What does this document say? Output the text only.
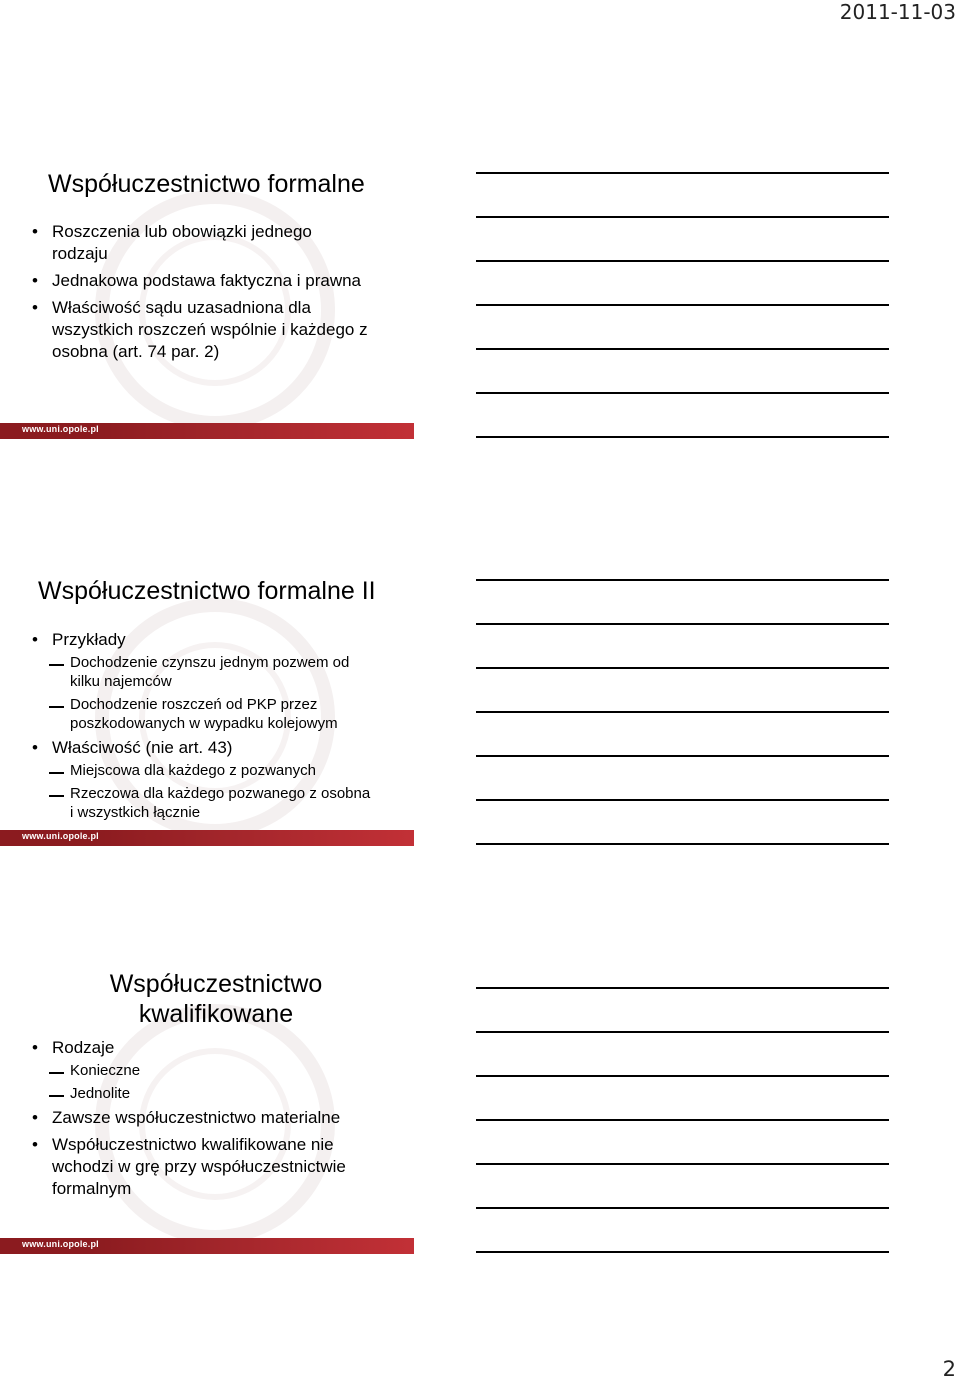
2011-11-03
Współuczestnictwo formalne
• Roszczenia lub obowiązki jednego rodzaju
• Jednakowa podstawa faktyczna i prawna
• Właściwość sądu uzasadniona dla wszystkich roszczeń wspólnie i każdego z osobna (art. 74 par. 2)
www.uni.opole.pl
Współuczestnictwo formalne II
• Przykłady
Dochodzenie czynszu jednym pozwem od kilku najemców
Dochodzenie roszczeń od PKP przez poszkodowanych w wypadku kolejowym
• Właściwość (nie art. 43)
Miejscowa dla każdego z pozwanych
Rzeczowa dla każdego pozwanego z osobna i wszystkich łącznie
www.uni.opole.pl
Współuczestnictwo kwalifikowane
• Rodzaje
Konieczne
Jednolite
• Zawsze współuczestnictwo materialne
• Współuczestnictwo kwalifikowane nie wchodzi w grę przy współuczestnictwie formalnym
www.uni.opole.pl
2
